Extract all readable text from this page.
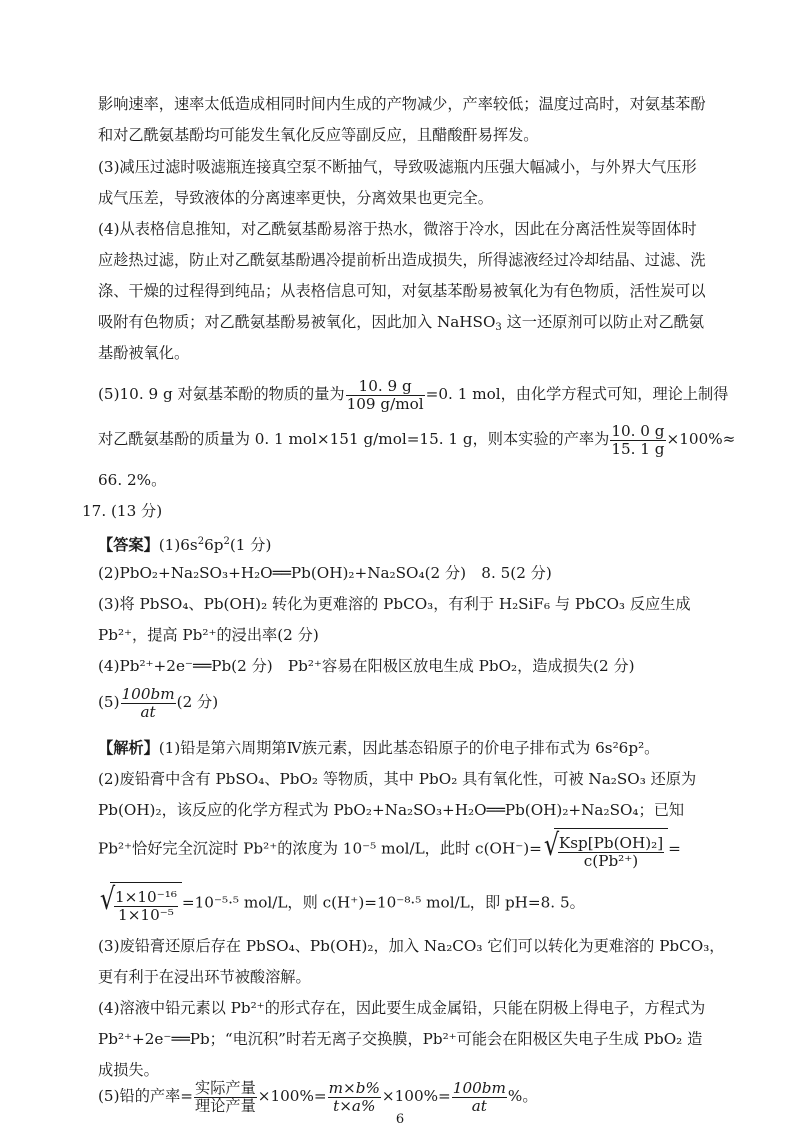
影响速率，速率太低造成相同时间内生成的产物减少，产率较低；温度过高时，对氨基苯酚
和对乙酰氨基酚均可能发生氧化反应等副反应，且醋酸酐易挥发。
(3)减压过滤时吸滤瓶连接真空泵不断抽气，导致吸滤瓶内压强大幅减小，与外界大气压形
成气压差，导致液体的分离速率更快，分离效果也更完全。
(4)从表格信息推知，对乙酰氨基酚易溶于热水，微溶于冷水，因此在分离活性炭等固体时
应趁热过滤，防止对乙酰氨基酚遇冷提前析出造成损失，所得滤液经过冷却结晶、过滤、洗
涤、干燥的过程得到纯品；从表格信息可知，对氨基苯酚易被氧化为有色物质，活性炭可以
吸附有色物质；对乙酰氨基酚易被氧化，因此加入 NaHSO$_3$ 这一还原剂可以防止对乙酰氨
基酚被氧化。
(5)10. 9 g 对氨基苯酚的物质的量为 $\frac{10. 9 g}{\text{109 g/mol}} =0$. 1 mol，由化学方程式可知，理论上制得
对乙酰氨基酚的质量为 0. 1 mol×151 g/mol=15. 1 g，则本实验的产率为 $\frac{10. 0 g}{15. 1 g} \times 100\%\approx$
66. 2%。
17. (13 分)
【答案】$(1)6s^26p^2(1$ 分)
(2)PbO₂+Na₂SO₃+H₂O══Pb(OH)₂+Na₂SO₄(2 分)　8. 5(2 分)
(3)将 PbSO₄、Pb(OH)₂ 转化为更难溶的 PbCO₃，有利于 H₂SiF₆ 与 PbCO₃ 反应生成
Pb²⁺，提高 Pb²⁺的浸出率(2 分)
(4)Pb²⁺+2e⁻══Pb(2 分)　Pb²⁺容易在阳极区放电生成 PbO₂，造成损失(2 分)
$(5) \frac{100bm}{at} (2$ 分)
【解析】(1)铅是第六周期第Ⅳ族元素，因此基态铅原子的价电子排布式为 6s²6p²。
(2)废铅膏中含有 PbSO₄、PbO₂ 等物质，其中 PbO₂ 具有氧化性，可被 Na₂SO₃ 还原为
Pb(OH)₂，该反应的化学方程式为 PbO₂+Na₂SO₃+H₂O══Pb(OH)₂+Na₂SO₄；已知
Pb²⁺恰好完全沉淀时 Pb²⁺的浓度为 10⁻⁵ mol/L，此时 c(OH⁻)= √
$\frac{\text{Ksp[Pb(OH)₂]}}{\text{c(Pb²⁺)}}$ =
√
$\frac{\text{1×10⁻¹⁶}}{\text{1×10⁻⁵}} =10^{-5}\cdot^5$ mol/L，则 c(H⁺)=10⁻⁸·⁵ mol/L，即 pH=8. 5。
(3)废铅膏还原后存在 PbSO₄、Pb(OH)₂，加入 Na₂CO₃ 它们可以转化为更难溶的 PbCO₃，
更有利于在浸出环节被酸溶解。
(4)溶液中铅元素以 Pb²⁺的形式存在，因此要生成金属铅，只能在阴极上得电子，方程式为
Pb²⁺+2e⁻══Pb；“电沉积”时若无离子交换膜，Pb²⁺可能会在阳极区失电子生成 PbO₂ 造
成损失。
(5)铅的产率= $\frac{\text{实际产量}}{\text{理论产量}} \times 100\%= \frac{m\times b\%}{t\times a\%} \times 100\%= \frac{100bm}{at}$ %。
6
